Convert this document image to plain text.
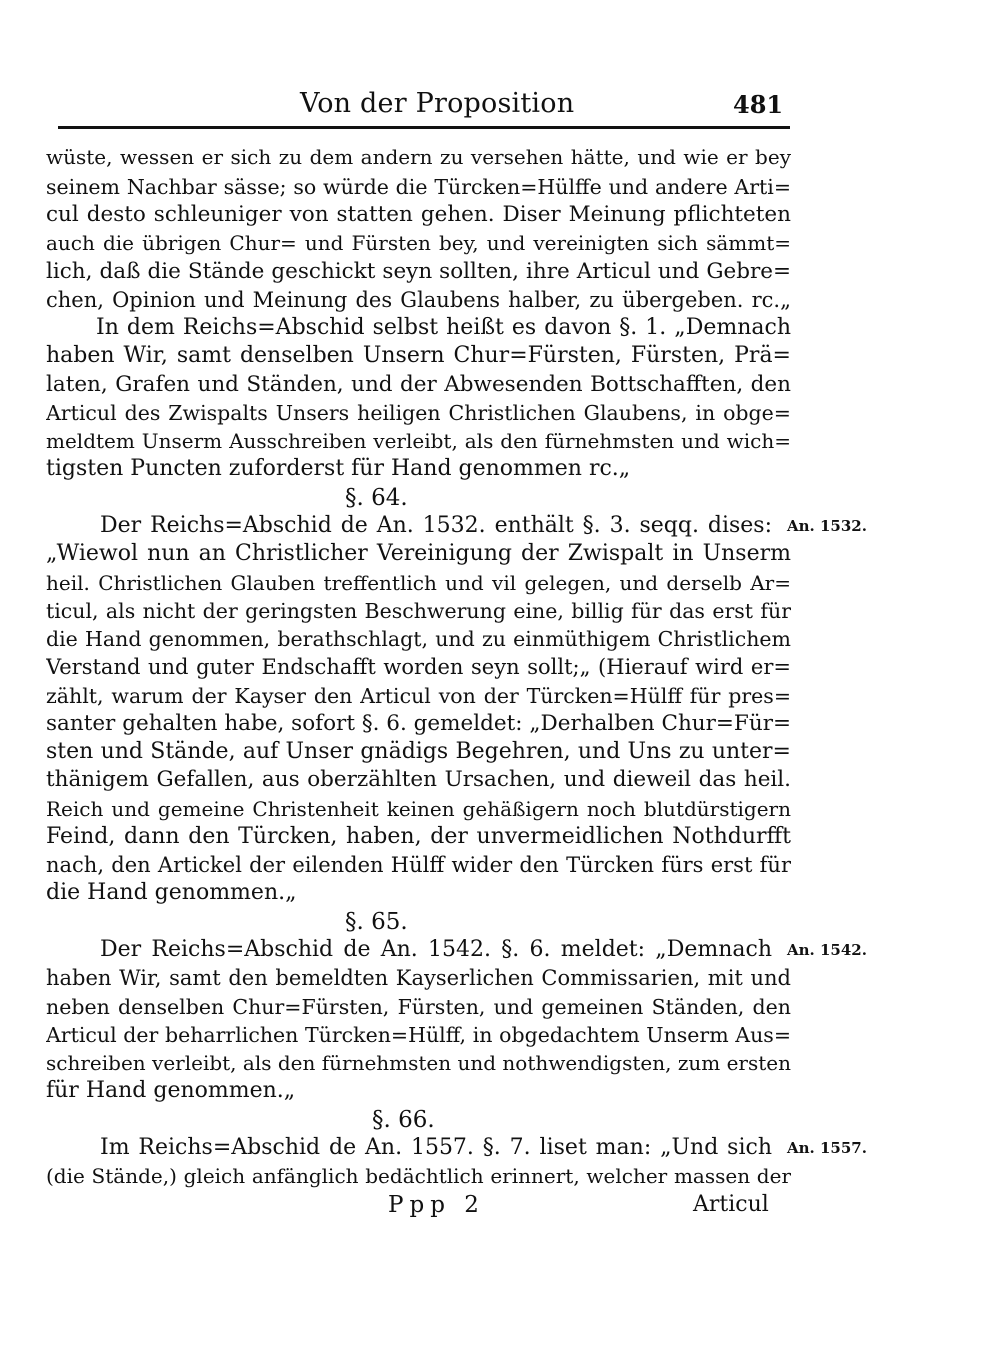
Von der Proposition	481
wüste, wessen er sich zu dem andern zu versehen hätte, und wie er bey
seinem Nachbar sässe; so würde die Türcken=Hülffe und andere Arti=
cul desto schleuniger von statten gehen. Diser Meinung pflichteten
auch die übrigen Chur= und Fürsten bey, und vereinigten sich sämmt=
lich, daß die Stände geschickt seyn sollten, ihre Articul und Gebre=
chen, Opinion und Meinung des Glaubens halber, zu übergeben. rc.„
In dem Reichs=Abschid selbst heißt es davon §. 1. „Demnach
haben Wir, samt denselben Unsern Chur=Fürsten, Fürsten, Prä=
laten, Grafen und Ständen, und der Abwesenden Bottschafften, den
Articul des Zwispalts Unsers heiligen Christlichen Glaubens, in obge=
meldtem Unserm Ausschreiben verleibt, als den fürnehmsten und wich=
tigsten Puncten zuforderst für Hand genommen rc.„
§. 64.
Der Reichs=Abschid de An. 1532. enthält §. 3. seqq. dises: An. 1532.
„Wiewol nun an Christlicher Vereinigung der Zwispalt in Unserm
heil. Christlichen Glauben treffentlich und vil gelegen, und derselb Ar=
ticul, als nicht der geringsten Beschwerung eine, billig für das erst für
die Hand genommen, berathschlagt, und zu einmüthigem Christlichem
Verstand und guter Endschafft worden seyn sollt;„ (Hierauf wird er=
zählt, warum der Kayser den Articul von der Türcken=Hülff für pres=
santer gehalten habe, sofort §. 6. gemeldet: „Derhalben Chur=Für=
sten und Stände, auf Unser gnädigs Begehren, und Uns zu unter=
thänigem Gefallen, aus oberzählten Ursachen, und dieweil das heil.
Reich und gemeine Christenheit keinen gehäßigern noch blutdürstigern
Feind, dann den Türcken, haben, der unvermeidlichen Nothdurfft
nach, den Artickel der eilenden Hülff wider den Türcken fürs erst für
die Hand genommen.„
§. 65.
Der Reichs=Abschid de An. 1542. §. 6. meldet: „Demnach An. 1542.
haben Wir, samt den bemeldten Kayserlichen Commissarien, mit und
neben denselben Chur=Fürsten, Fürsten, und gemeinen Ständen, den
Articul der beharrlichen Türcken=Hülff, in obgedachtem Unserm Aus=
schreiben verleibt, als den fürnehmsten und nothwendigsten, zum ersten
für Hand genommen.„
§. 66.
Im Reichs=Abschid de An. 1557. §. 7. liset man: „Und sich An. 1557.
(die Stände,) gleich anfänglich bedächtlich erinnert, welcher massen der
Ppp 2	Articul
